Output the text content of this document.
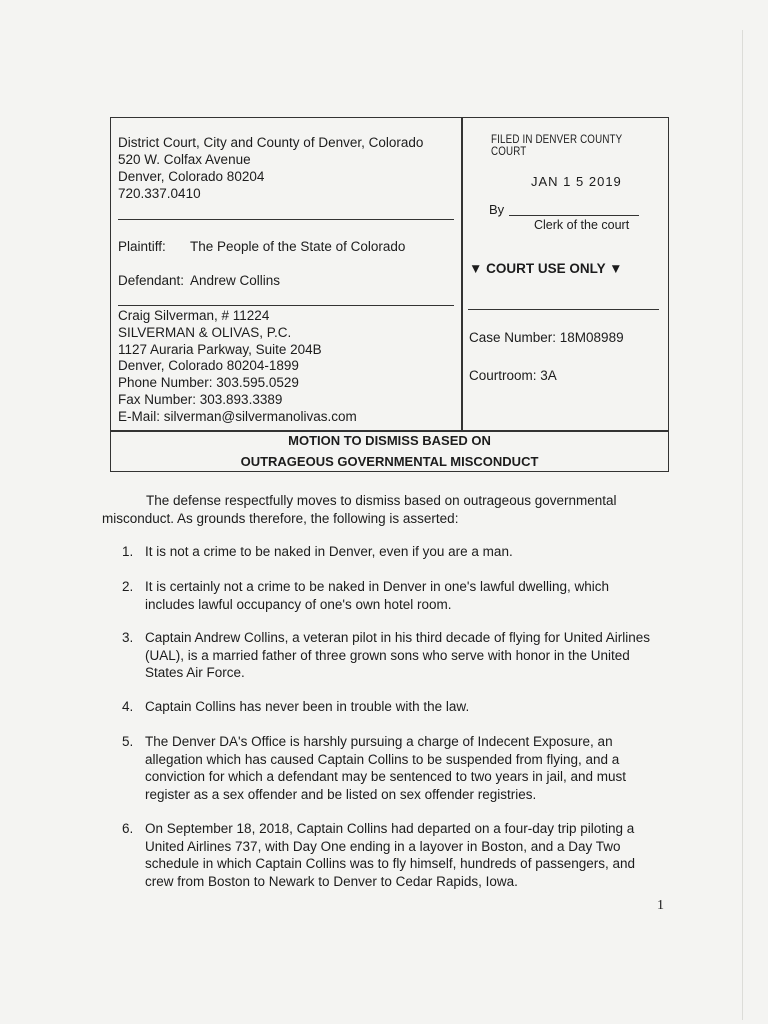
District Court, City and County of Denver, Colorado
520 W. Colfax Avenue
Denver, Colorado 80204
720.337.0410
Plaintiff: The People of the State of Colorado
Defendant: Andrew Collins
Craig Silverman, # 11224
SILVERMAN & OLIVAS, P.C.
1127 Auraria Parkway, Suite 204B
Denver, Colorado 80204-1899
Phone Number: 303.595.0529
Fax Number: 303.893.3389
E-Mail: silverman@silvermanolivas.com
FILED IN DENVER COUNTY COURT
JAN 1 5 2019
By
Clerk of the court
▼ COURT USE ONLY ▼
Case Number: 18M08989
Courtroom: 3A
MOTION TO DISMISS BASED ON
OUTRAGEOUS GOVERNMENTAL MISCONDUCT
The defense respectfully moves to dismiss based on outrageous governmental misconduct. As grounds therefore, the following is asserted:
1. It is not a crime to be naked in Denver, even if you are a man.
2. It is certainly not a crime to be naked in Denver in one's lawful dwelling, which includes lawful occupancy of one's own hotel room.
3. Captain Andrew Collins, a veteran pilot in his third decade of flying for United Airlines (UAL), is a married father of three grown sons who serve with honor in the United States Air Force.
4. Captain Collins has never been in trouble with the law.
5. The Denver DA's Office is harshly pursuing a charge of Indecent Exposure, an allegation which has caused Captain Collins to be suspended from flying, and a conviction for which a defendant may be sentenced to two years in jail, and must register as a sex offender and be listed on sex offender registries.
6. On September 18, 2018, Captain Collins had departed on a four-day trip piloting a United Airlines 737, with Day One ending in a layover in Boston, and a Day Two schedule in which Captain Collins was to fly himself, hundreds of passengers, and crew from Boston to Newark to Denver to Cedar Rapids, Iowa.
1
